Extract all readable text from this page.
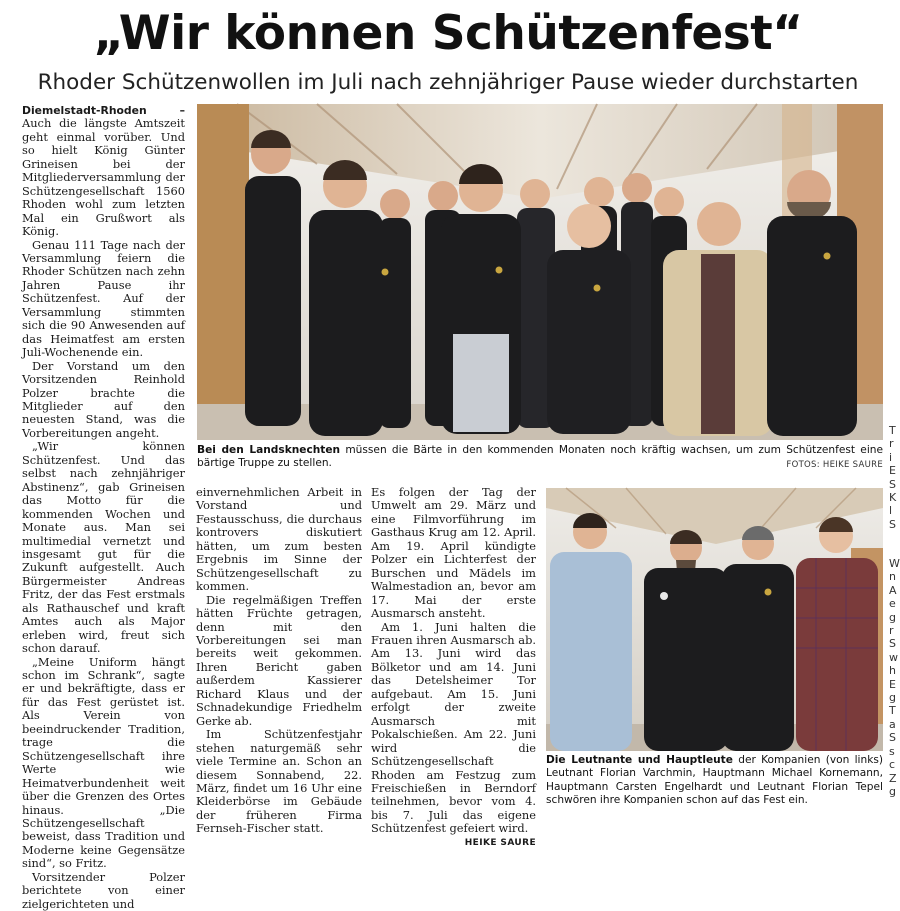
„Wir können Schützenfest“
Rhoder Schützenwollen im Juli nach zehnjähriger Pause wieder durchstarten

Diemelstadt-Rhoden – Auch die längste Amtszeit geht einmal vorüber. Und so hielt König Günter Grineisen bei der Mitgliederversammlung der Schützengesellschaft 1560 Rhoden wohl zum letzten Mal ein Grußwort als König.

Genau 111 Tage nach der Versammlung feiern die Rhoder Schützen nach zehn Jahren Pause ihr Schützenfest. Auf der Versammlung stimmten sich die 90 Anwesenden auf das Heimatfest am ersten Juli-Wochenende ein.

Der Vorstand um den Vorsitzenden Reinhold Polzer brachte die Mitglieder auf den neuesten Stand, was die Vorbereitungen angeht.

„Wir können Schützenfest. Und das selbst nach zehnjähriger Abstinenz“, gab Grineisen das Motto für die kommenden Wochen und Monate aus. Man sei multimedial vernetzt und insgesamt gut für die Zukunft aufgestellt. Auch Bürgermeister Andreas Fritz, der das Fest erstmals als Rathauschef und kraft Amtes auch als Major erleben wird, freut sich schon darauf.

„Meine Uniform hängt schon im Schrank“, sagte er und bekräftigte, dass er für das Fest gerüstet ist. Als Verein von beeindruckender Tradition, trage die Schützengesellschaft ihre Werte wie Heimatverbundenheit weit über die Grenzen des Ortes hinaus. „Die Schützengesellschaft beweist, dass Tradition und Moderne keine Gegensätze sind“, so Fritz.

Vorsitzender Polzer berichtete von einer zielgerichteten und

Bei den Landsknechten müssen die Bärte in den kommenden Monaten noch kräftig wachsen, um zum Schützenfest eine bärtige Truppe zu stellen.	FOTOS: HEIKE SAURE

einvernehmlichen Arbeit in Vorstand und Festausschuss, die durchaus kontrovers diskutiert hätten, um zum besten Ergebnis im Sinne der Schützengesellschaft zu kommen.

Die regelmäßigen Treffen hätten Früchte getragen, denn mit den Vorbereitungen sei man bereits weit gekommen. Ihren Bericht gaben außerdem Kassierer Richard Klaus und der Schnadekundige Friedhelm Gerke ab.

Im Schützenfestjahr stehen naturgemäß sehr viele Termine an. Schon an diesem Sonnabend, 22. März, findet um 16 Uhr eine Kleiderbörse im Gebäude der früheren Firma Fernseh-Fischer statt.

Es folgen der Tag der Umwelt am 29. März und eine Filmvorführung im Gasthaus Krug am 12. April. Am 19. April kündigte Polzer ein Lichterfest der Burschen und Mädels im Walmestadion an, bevor am 17. Mai der erste Ausmarsch ansteht.

Am 1. Juni halten die Frauen ihren Ausmarsch ab. Am 13. Juni wird das Bölketor und am 14. Juni das Detelsheimer Tor aufgebaut. Am 15. Juni erfolgt der zweite Ausmarsch mit Pokalschießen. Am 22. Juni wird die Schützengesellschaft Rhoden am Festzug zum Freischießen in Berndorf teilnehmen, bevor vom 4. bis 7. Juli das eigene Schützenfest gefeiert wird.

HEIKE SAURE
Die Leutnante und Hauptleute der Kompanien (von links) Leutnant Florian Varchmin, Hauptmann Michael Kornemann, Hauptmann Carsten Engelhardt und Leutnant Florian Tepel schwören ihre Kompanien schon auf das Fest ein.
T
r
i
E
S
K
l
S
W
n
A
e
g
r
S
w
h
E
g
T
a
S
s
c
Z
g
